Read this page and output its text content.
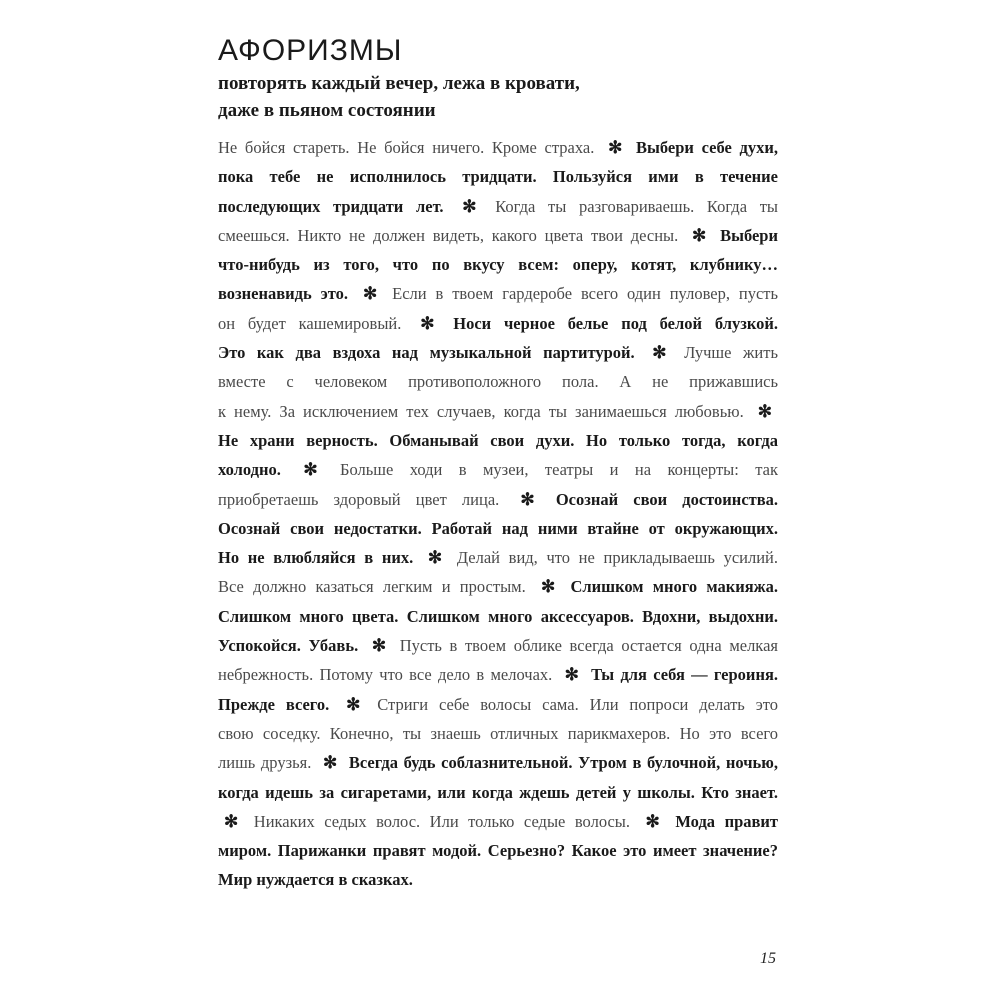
АФОРИЗМЫ
повторять каждый вечер, лежа в кровати,
даже в пьяном состоянии
Не бойся стареть. Не бойся ничего. Кроме страха. ✻ Выбери себе духи,
пока тебе не исполнилось тридцати. Пользуйся ими в течение
последующих тридцати лет. ✻ Когда ты разговариваешь. Когда ты
смеешься. Никто не должен видеть, какого цвета твои десны. ✻ Выбери
что-нибудь из того, что по вкусу всем: оперу, котят, клубнику…
возненавидь это. ✻ Если в твоем гардеробе всего один пуловер, пусть
он будет кашемировый. ✻ Носи черное белье под белой блузкой.
Это как два вздоха над музыкальной партитурой. ✻ Лучше жить
вместе с человеком противоположного пола. А не прижавшись
к нему. За исключением тех случаев, когда ты занимаешься любовью. ✻
Не храни верность. Обманывай свои духи. Но только тогда, когда
холодно. ✻ Больше ходи в музеи, театры и на концерты: так
приобретаешь здоровый цвет лица. ✻ Осознай свои достоинства.
Осознай свои недостатки. Работай над ними втайне от окружающих.
Но не влюбляйся в них. ✻ Делай вид, что не прикладываешь усилий.
Все должно казаться легким и простым. ✻ Слишком много макияжа.
Слишком много цвета. Слишком много аксессуаров. Вдохни, выдохни.
Успокойся. Убавь. ✻ Пусть в твоем облике всегда остается одна мелкая
небрежность. Потому что все дело в мелочах. ✻ Ты для себя — героиня.
Прежде всего. ✻ Стриги себе волосы сама. Или попроси делать это
свою соседку. Конечно, ты знаешь отличных парикмахеров. Но это всего
лишь друзья. ✻ Всегда будь соблазнительной. Утром в булочной, ночью,
когда идешь за сигаретами, или когда ждешь детей у школы. Кто знает.
✻ Никаких седых волос. Или только седые волосы. ✻ Мода правит
миром. Парижанки правят модой. Серьезно? Какое это имеет значение?
Мир нуждается в сказках.
15
